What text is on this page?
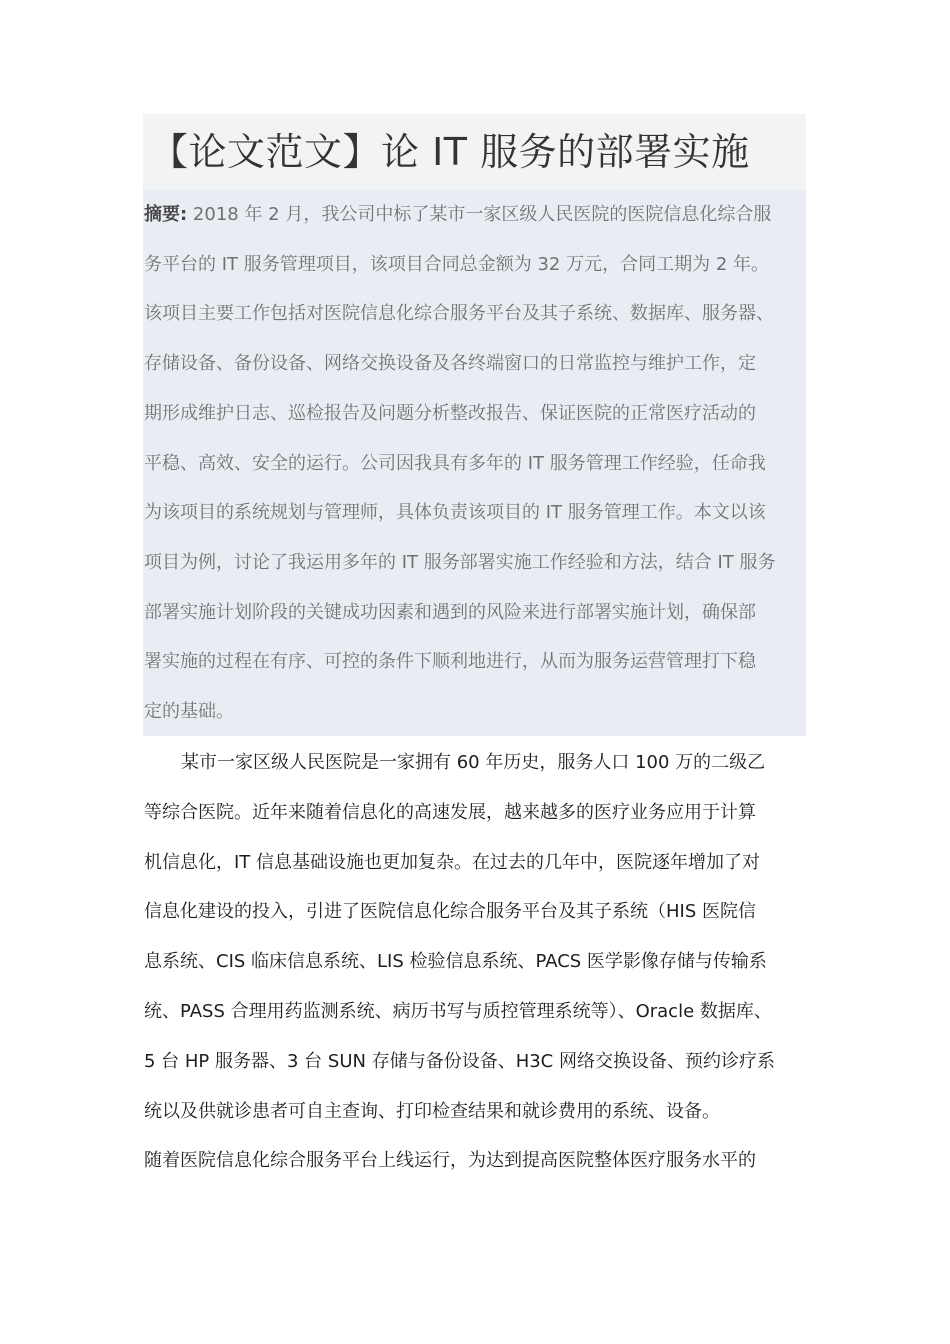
【论文范文】论 IT 服务的部署实施
摘要: 2018 年 2 月，我公司中标了某市一家区级人民医院的医院信息化综合服
务平台的 IT 服务管理项目，该项目合同总金额为 32 万元，合同工期为 2 年。
该项目主要工作包括对医院信息化综合服务平台及其子系统、数据库、服务器、
存储设备、备份设备、网络交换设备及各终端窗口的日常监控与维护工作，定
期形成维护日志、巡检报告及问题分析整改报告、保证医院的正常医疗活动的
平稳、高效、安全的运行。公司因我具有多年的 IT 服务管理工作经验，任命我
为该项目的系统规划与管理师，具体负责该项目的 IT 服务管理工作。本文以该
项目为例，讨论了我运用多年的 IT 服务部署实施工作经验和方法，结合 IT 服务
部署实施计划阶段的关键成功因素和遇到的风险来进行部署实施计划，确保部
署实施的过程在有序、可控的条件下顺利地进行，从而为服务运营管理打下稳
定的基础。
某市一家区级人民医院是一家拥有 60 年历史，服务人口 100 万的二级乙
等综合医院。近年来随着信息化的高速发展，越来越多的医疗业务应用于计算
机信息化，IT 信息基础设施也更加复杂。在过去的几年中，医院逐年增加了对
信息化建设的投入，引进了医院信息化综合服务平台及其子系统（HIS 医院信
息系统、CIS 临床信息系统、LIS 检验信息系统、PACS 医学影像存储与传输系
统、PASS 合理用药监测系统、病历书写与质控管理系统等）、Oracle 数据库、
5 台 HP 服务器、3 台 SUN 存储与备份设备、H3C 网络交换设备、预约诊疗系
统以及供就诊患者可自主查询、打印检查结果和就诊费用的系统、设备。
随着医院信息化综合服务平台上线运行，为达到提高医院整体医疗服务水平的
